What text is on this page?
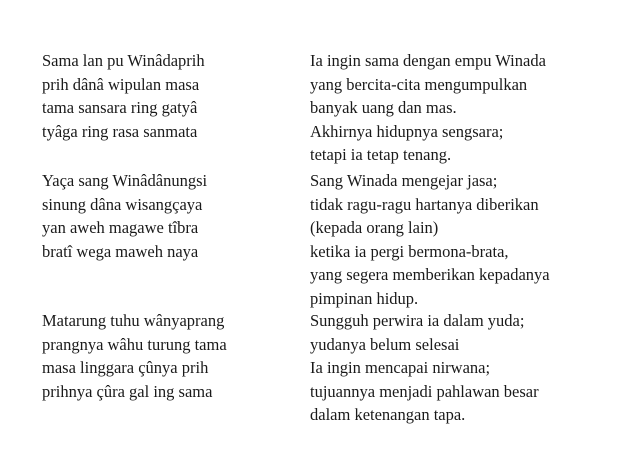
Sama lan pu Winâdaprih
prih dânâ wipulan masa
tama sansara ring gatyâ
tyâga ring rasa sanmata
Yaça sang Winâdânungsi
sinung dâna wisangçaya
yan aweh magawe tîbra
bratî wega maweh naya
Matarung tuhu wânyaprang
prangnya wâhu turung tama
masa linggara çûnya prih
prihnya çûra gal ing sama
Ia ingin sama dengan empu Winada
yang bercita-cita mengumpulkan
banyak uang dan mas.
Akhirnya hidupnya sengsara;
tetapi ia tetap tenang.
Sang Winada mengejar jasa;
tidak ragu-ragu hartanya diberikan
(kepada orang lain)
ketika ia pergi bermona-brata,
yang segera memberikan kepadanya
pimpinan hidup.
Sungguh perwira ia dalam yuda;
yudanya belum selesai
Ia ingin mencapai nirwana;
tujuannya menjadi pahlawan besar
dalam ketenangan tapa.
